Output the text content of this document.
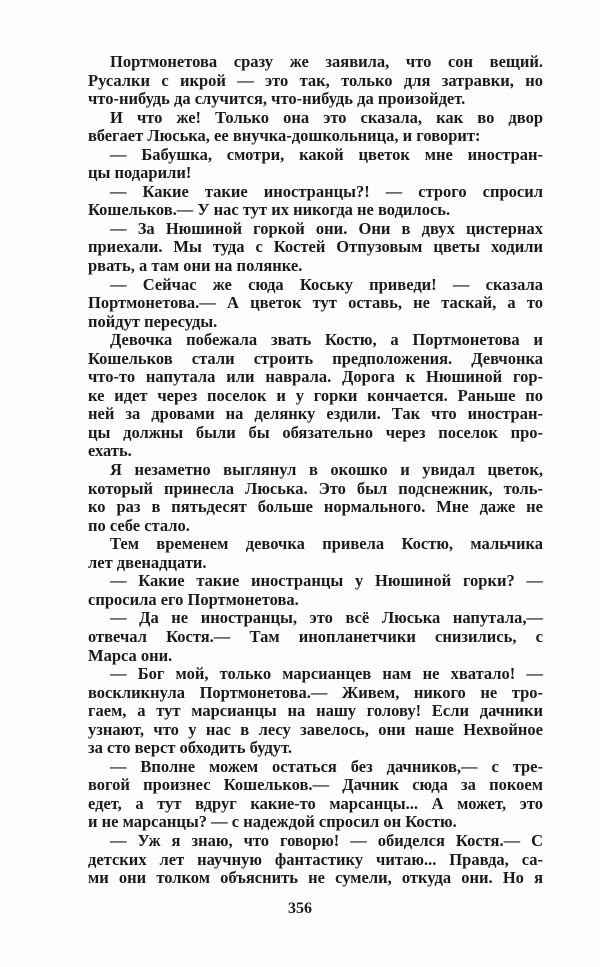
Портмонетова сразу же заявила, что сон вещий.
Русалки с икрой — это так, только для затравки, но
что-нибудь да случится, что-нибудь да произойдет.
И что же! Только она это сказала, как во двор
вбегает Люська, ее внучка-дошкольница, и говорит:
— Бабушка, смотри, какой цветок мне иностран-
цы подарили!
— Какие такие иностранцы?! — строго спросил
Кошельков.— У нас тут их никогда не водилось.
— За Нюшиной горкой они. Они в двух цистернах
приехали. Мы туда с Костей Отпузовым цветы ходили
рвать, а там они на полянке.
— Сейчас же сюда Коську приведи! — сказала
Портмонетова.— А цветок тут оставь, не таскай, а то
пойдут пересуды.
Девочка побежала звать Костю, а Портмонетова и
Кошельков стали строить предположения. Девчонка
что-то напутала или наврала. Дорога к Нюшиной гор-
ке идет через поселок и у горки кончается. Раньше по
ней за дровами на делянку ездили. Так что иностран-
цы должны были бы обязательно через поселок про-
ехать.
Я незаметно выглянул в окошко и увидал цветок,
который принесла Люська. Это был подснежник, толь-
ко раз в пятьдесят больше нормального. Мне даже не
по себе стало.
Тем временем девочка привела Костю, мальчика
лет двенадцати.
— Какие такие иностранцы у Нюшиной горки? —
спросила его Портмонетова.
— Да не иностранцы, это всё Люська напутала,—
отвечал Костя.— Там инопланетчики снизились, с
Марса они.
— Бог мой, только марсианцев нам не хватало! —
воскликнула Портмонетова.— Живем, никого не тро-
гаем, а тут марсианцы на нашу голову! Если дачники
узнают, что у нас в лесу завелось, они наше Нехвойное
за сто верст обходить будут.
— Вполне можем остаться без дачников,— с тре-
вогой произнес Кошельков.— Дачник сюда за покоем
едет, а тут вдруг какие-то марсанцы... А может, это
и не марсанцы? — с надеждой спросил он Костю.
— Уж я знаю, что говорю! — обиделся Костя.— С
детских лет научную фантастику читаю... Правда, са-
ми они толком объяснить не сумели, откуда они. Но я
356
